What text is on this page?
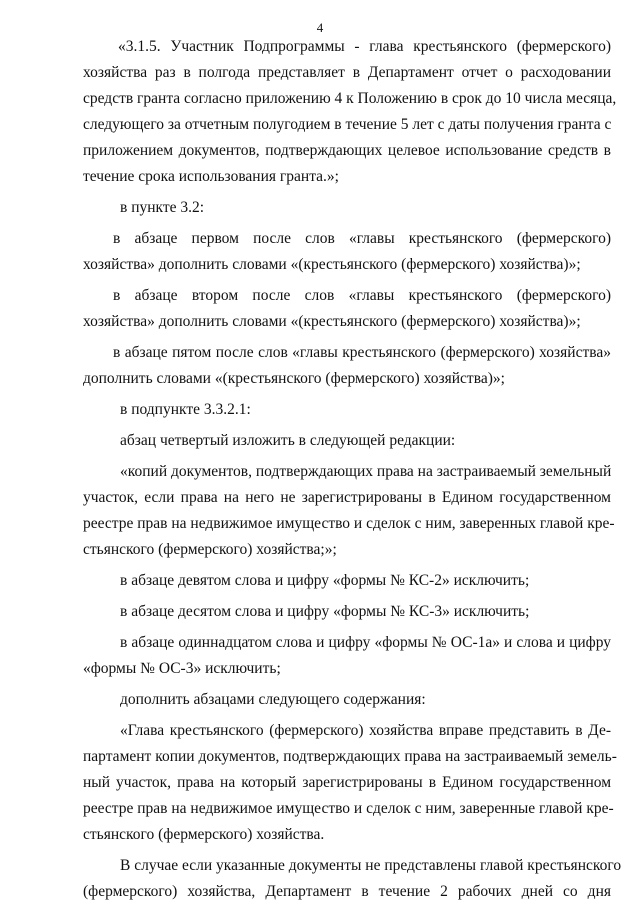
4
«3.1.5. Участник Подпрограммы - глава крестьянского (фермерского)
хозяйства раз в полгода представляет в Департамент отчет о расходовании
средств гранта согласно приложению 4 к Положению в срок до 10 числа месяца,
следующего за отчетным полугодием в течение 5 лет с даты получения гранта с
приложением документов, подтверждающих целевое использование средств в
течение срока использования гранта.»;
в пункте 3.2:
в абзаце первом после слов «главы крестьянского (фермерского)
хозяйства» дополнить словами «(крестьянского (фермерского) хозяйства)»;
в абзаце втором после слов «главы крестьянского (фермерского)
хозяйства» дополнить словами «(крестьянского (фермерского) хозяйства)»;
в абзаце пятом после слов «главы крестьянского (фермерского) хозяйства»
дополнить словами «(крестьянского (фермерского) хозяйства)»;
в подпункте 3.3.2.1:
абзац четвертый изложить в следующей редакции:
«копий документов, подтверждающих права на застраиваемый земельный
участок, если права на него не зарегистрированы в Едином государственном
реестре прав на недвижимое имущество и сделок с ним, заверенных главой кре-
стьянского (фермерского) хозяйства;»;
в абзаце девятом слова и цифру «формы № КС-2» исключить;
в абзаце десятом слова и цифру «формы № КС-3» исключить;
в абзаце одиннадцатом слова и цифру «формы № ОС-1а» и слова и цифру
«формы № ОС-3» исключить;
дополнить абзацами следующего содержания:
«Глава крестьянского (фермерского) хозяйства вправе представить в Де-
партамент копии документов, подтверждающих права на застраиваемый земель-
ный участок, права на который зарегистрированы в Едином государственном
реестре прав на недвижимое имущество и сделок с ним, заверенные главой кре-
стьянского (фермерского) хозяйства.
В случае если указанные документы не представлены главой крестьянского
(фермерского) хозяйства, Департамент в течение 2 рабочих дней со дня
